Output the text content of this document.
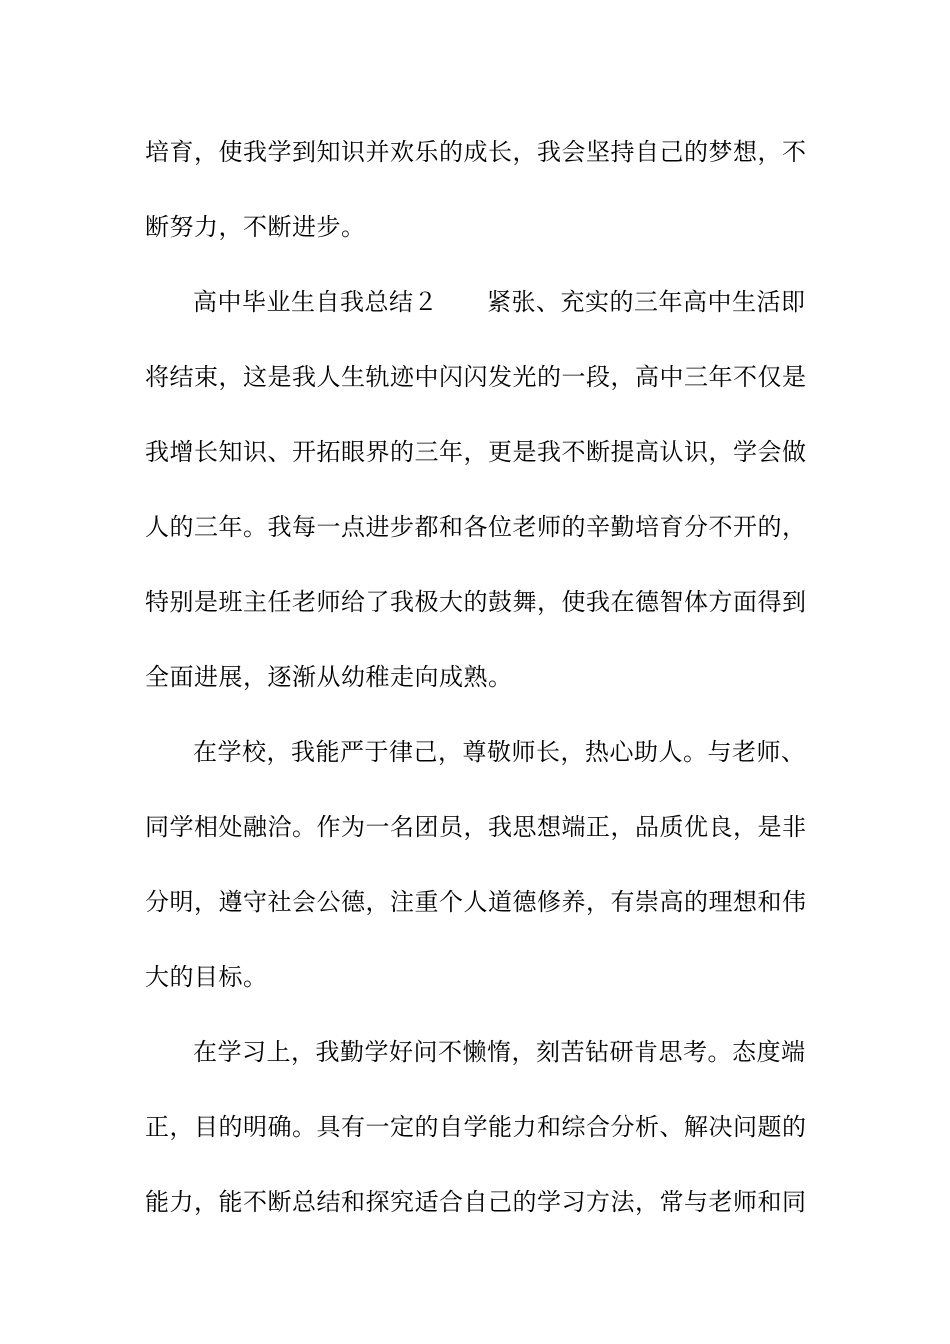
培育，使我学到知识并欢乐的成长，我会坚持自己的梦想，不
断努力，不断进步。
高中毕业生自我总结２　　紧张、充实的三年高中生活即
将结束，这是我人生轨迹中闪闪发光的一段，高中三年不仅是
我增长知识、开拓眼界的三年，更是我不断提高认识，学会做
人的三年。我每一点进步都和各位老师的辛勤培育分不开的，
特别是班主任老师给了我极大的鼓舞，使我在德智体方面得到
全面进展，逐渐从幼稚走向成熟。
在学校，我能严于律己，尊敬师长，热心助人。与老师、
同学相处融洽。作为一名团员，我思想端正，品质优良，是非
分明，遵守社会公德，注重个人道德修养，有崇高的理想和伟
大的目标。
在学习上，我勤学好问不懒惰，刻苦钻研肯思考。态度端
正，目的明确。具有一定的自学能力和综合分析、解决问题的
能力，能不断总结和探究适合自己的学习方法，常与老师和同
